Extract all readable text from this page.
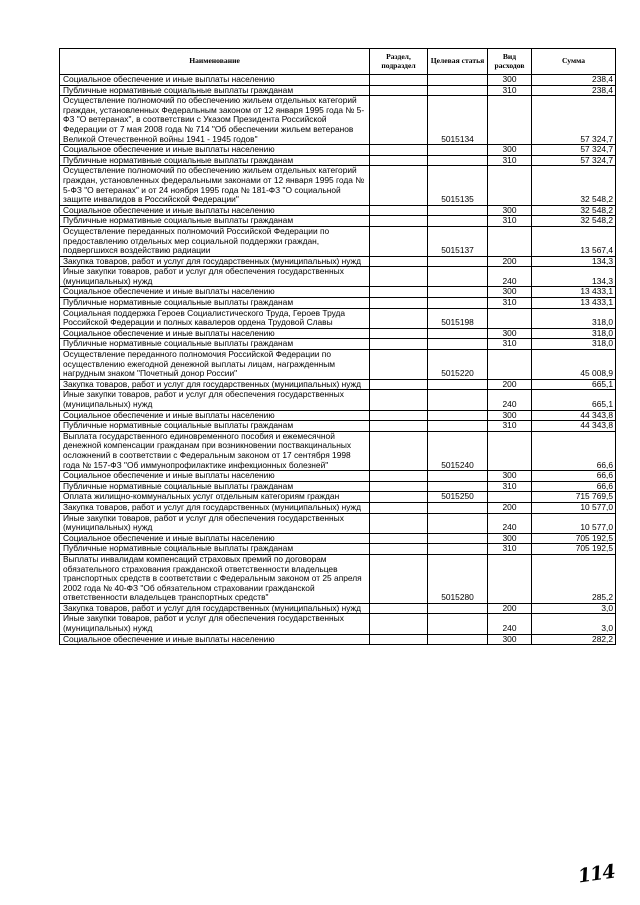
Наименование	Раздел, подраздел	Целевая статья	Вид расходов	Сумма
Социальное обеспечение и иные выплаты населению			300	238,4
Публичные нормативные социальные выплаты гражданам			310	238,4
Осуществление полномочий по обеспечению жильем отдельных категорий граждан, установленных Федеральным законом от 12 января 1995 года № 5-ФЗ "О ветеранах", в соответствии с Указом Президента Российской Федерации от 7 мая 2008 года № 714 "Об обеспечении жильем ветеранов Великой Отечественной войны 1941 - 1945 годов"		5015134		57 324,7
Социальное обеспечение и иные выплаты населению			300	57 324,7
Публичные нормативные социальные выплаты гражданам			310	57 324,7
Осуществление полномочий по обеспечению жильем отдельных категорий граждан, установленных федеральными законами от 12 января 1995 года № 5-ФЗ "О ветеранах" и от 24 ноября 1995 года № 181-ФЗ "О социальной защите инвалидов в Российской Федерации"		5015135		32 548,2
Социальное обеспечение и иные выплаты населению			300	32 548,2
Публичные нормативные социальные выплаты гражданам			310	32 548,2
Осуществление переданных полномочий Российской Федерации по предоставлению отдельных мер социальной поддержки граждан, подвергшихся воздействию радиации		5015137		13 567,4
Закупка товаров, работ и услуг для государственных (муниципальных) нужд			200	134,3
Иные закупки товаров, работ и услуг для обеспечения государственных (муниципальных) нужд			240	134,3
Социальное обеспечение и иные выплаты населению			300	13 433,1
Публичные нормативные социальные выплаты гражданам			310	13 433,1
Социальная поддержка Героев Социалистического Труда, Героев Труда Российской Федерации и полных кавалеров ордена Трудовой Славы		5015198		318,0
Социальное обеспечение и иные выплаты населению			300	318,0
Публичные нормативные социальные выплаты гражданам			310	318,0
Осуществление переданного полномочия Российской Федерации по осуществлению ежегодной денежной выплаты лицам, награжденным нагрудным знаком "Почетный донор России"		5015220		45 008,9
Закупка товаров, работ и услуг для государственных (муниципальных) нужд			200	665,1
Иные закупки товаров, работ и услуг для обеспечения государственных (муниципальных) нужд			240	665,1
Социальное обеспечение и иные выплаты населению			300	44 343,8
Публичные нормативные социальные выплаты гражданам			310	44 343,8
Выплата государственного единовременного пособия и ежемесячной денежной компенсации гражданам при возникновении поствакцинальных осложнений в соответствии с Федеральным законом от 17 сентября 1998 года № 157-ФЗ "Об иммунопрофилактике инфекционных болезней"		5015240		66,6
Социальное обеспечение и иные выплаты населению			300	66,6
Публичные нормативные социальные выплаты гражданам			310	66,6
Оплата жилищно-коммунальных услуг отдельным категориям граждан		5015250		715 769,5
Закупка товаров, работ и услуг для государственных (муниципальных) нужд			200	10 577,0
Иные закупки товаров, работ и услуг для обеспечения государственных (муниципальных) нужд			240	10 577,0
Социальное обеспечение и иные выплаты населению			300	705 192,5
Публичные нормативные социальные выплаты гражданам			310	705 192,5
Выплаты инвалидам компенсаций страховых премий по договорам обязательного страхования гражданской ответственности владельцев транспортных средств в соответствии с Федеральным законом от 25 апреля 2002 года № 40-ФЗ "Об обязательном страховании гражданской ответственности владельцев транспортных средств"		5015280		285,2
Закупка товаров, работ и услуг для государственных (муниципальных) нужд			200	3,0
Иные закупки товаров, работ и услуг для обеспечения государственных (муниципальных) нужд			240	3,0
Социальное обеспечение и иные выплаты населению			300	282,2
114
